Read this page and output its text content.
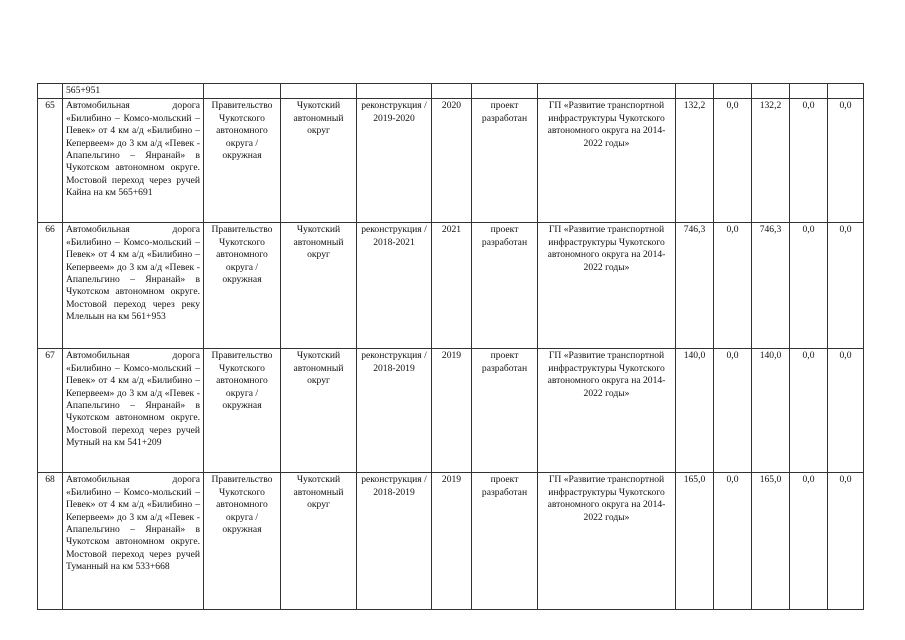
	565+951											
65	Автомобильная дорога «Билибино – Комсо-мольский – Певек» от 4 км а/д «Билибино – Кепервеем» до 3 км а/д «Певек - Апапельгино – Янранай» в Чукотском автономном округе. Мостовой переход через ручей Кайна на км 565+691	Правительство Чукотского автономного округа / окружная	Чукотский автономный округ	реконструкция / 2019-2020	2020	проект разработан	ГП «Развитие транспортной инфраструктуры Чукотского автономного округа на 2014-2022 годы»	132,2	0,0	132,2	0,0	0,0
66	Автомобильная дорога «Билибино – Комсо-мольский – Певек» от 4 км а/д «Билибино – Кепервеем» до 3 км а/д «Певек - Апапельгино – Янранай» в Чукотском автономном округе. Мостовой переход через реку Млельын на км 561+953	Правительство Чукотского автономного округа / окружная	Чукотский автономный округ	реконструкция / 2018-2021	2021	проект разработан	ГП «Развитие транспортной инфраструктуры Чукотского автономного округа на 2014-2022 годы»	746,3	0,0	746,3	0,0	0,0
67	Автомобильная дорога «Билибино – Комсо-мольский – Певек» от 4 км а/д «Билибино – Кепервеем» до 3 км а/д «Певек - Апапельгино – Янранай» в Чукотском автономном округе. Мостовой переход через ручей Мутный на км 541+209	Правительство Чукотского автономного округа / окружная	Чукотский автономный округ	реконструкция / 2018-2019	2019	проект разработан	ГП «Развитие транспортной инфраструктуры Чукотского автономного округа на 2014-2022 годы»	140,0	0,0	140,0	0,0	0,0
68	Автомобильная дорога «Билибино – Комсо-мольский – Певек» от 4 км а/д «Билибино – Кепервеем» до 3 км а/д «Певек - Апапельгино – Янранай» в Чукотском автономном округе. Мостовой переход через ручей Туманный на км 533+668	Правительство Чукотского автономного округа / окружная	Чукотский автономный округ	реконструкция / 2018-2019	2019	проект разработан	ГП «Развитие транспортной инфраструктуры Чукотского автономного округа на 2014-2022 годы»	165,0	0,0	165,0	0,0	0,0
